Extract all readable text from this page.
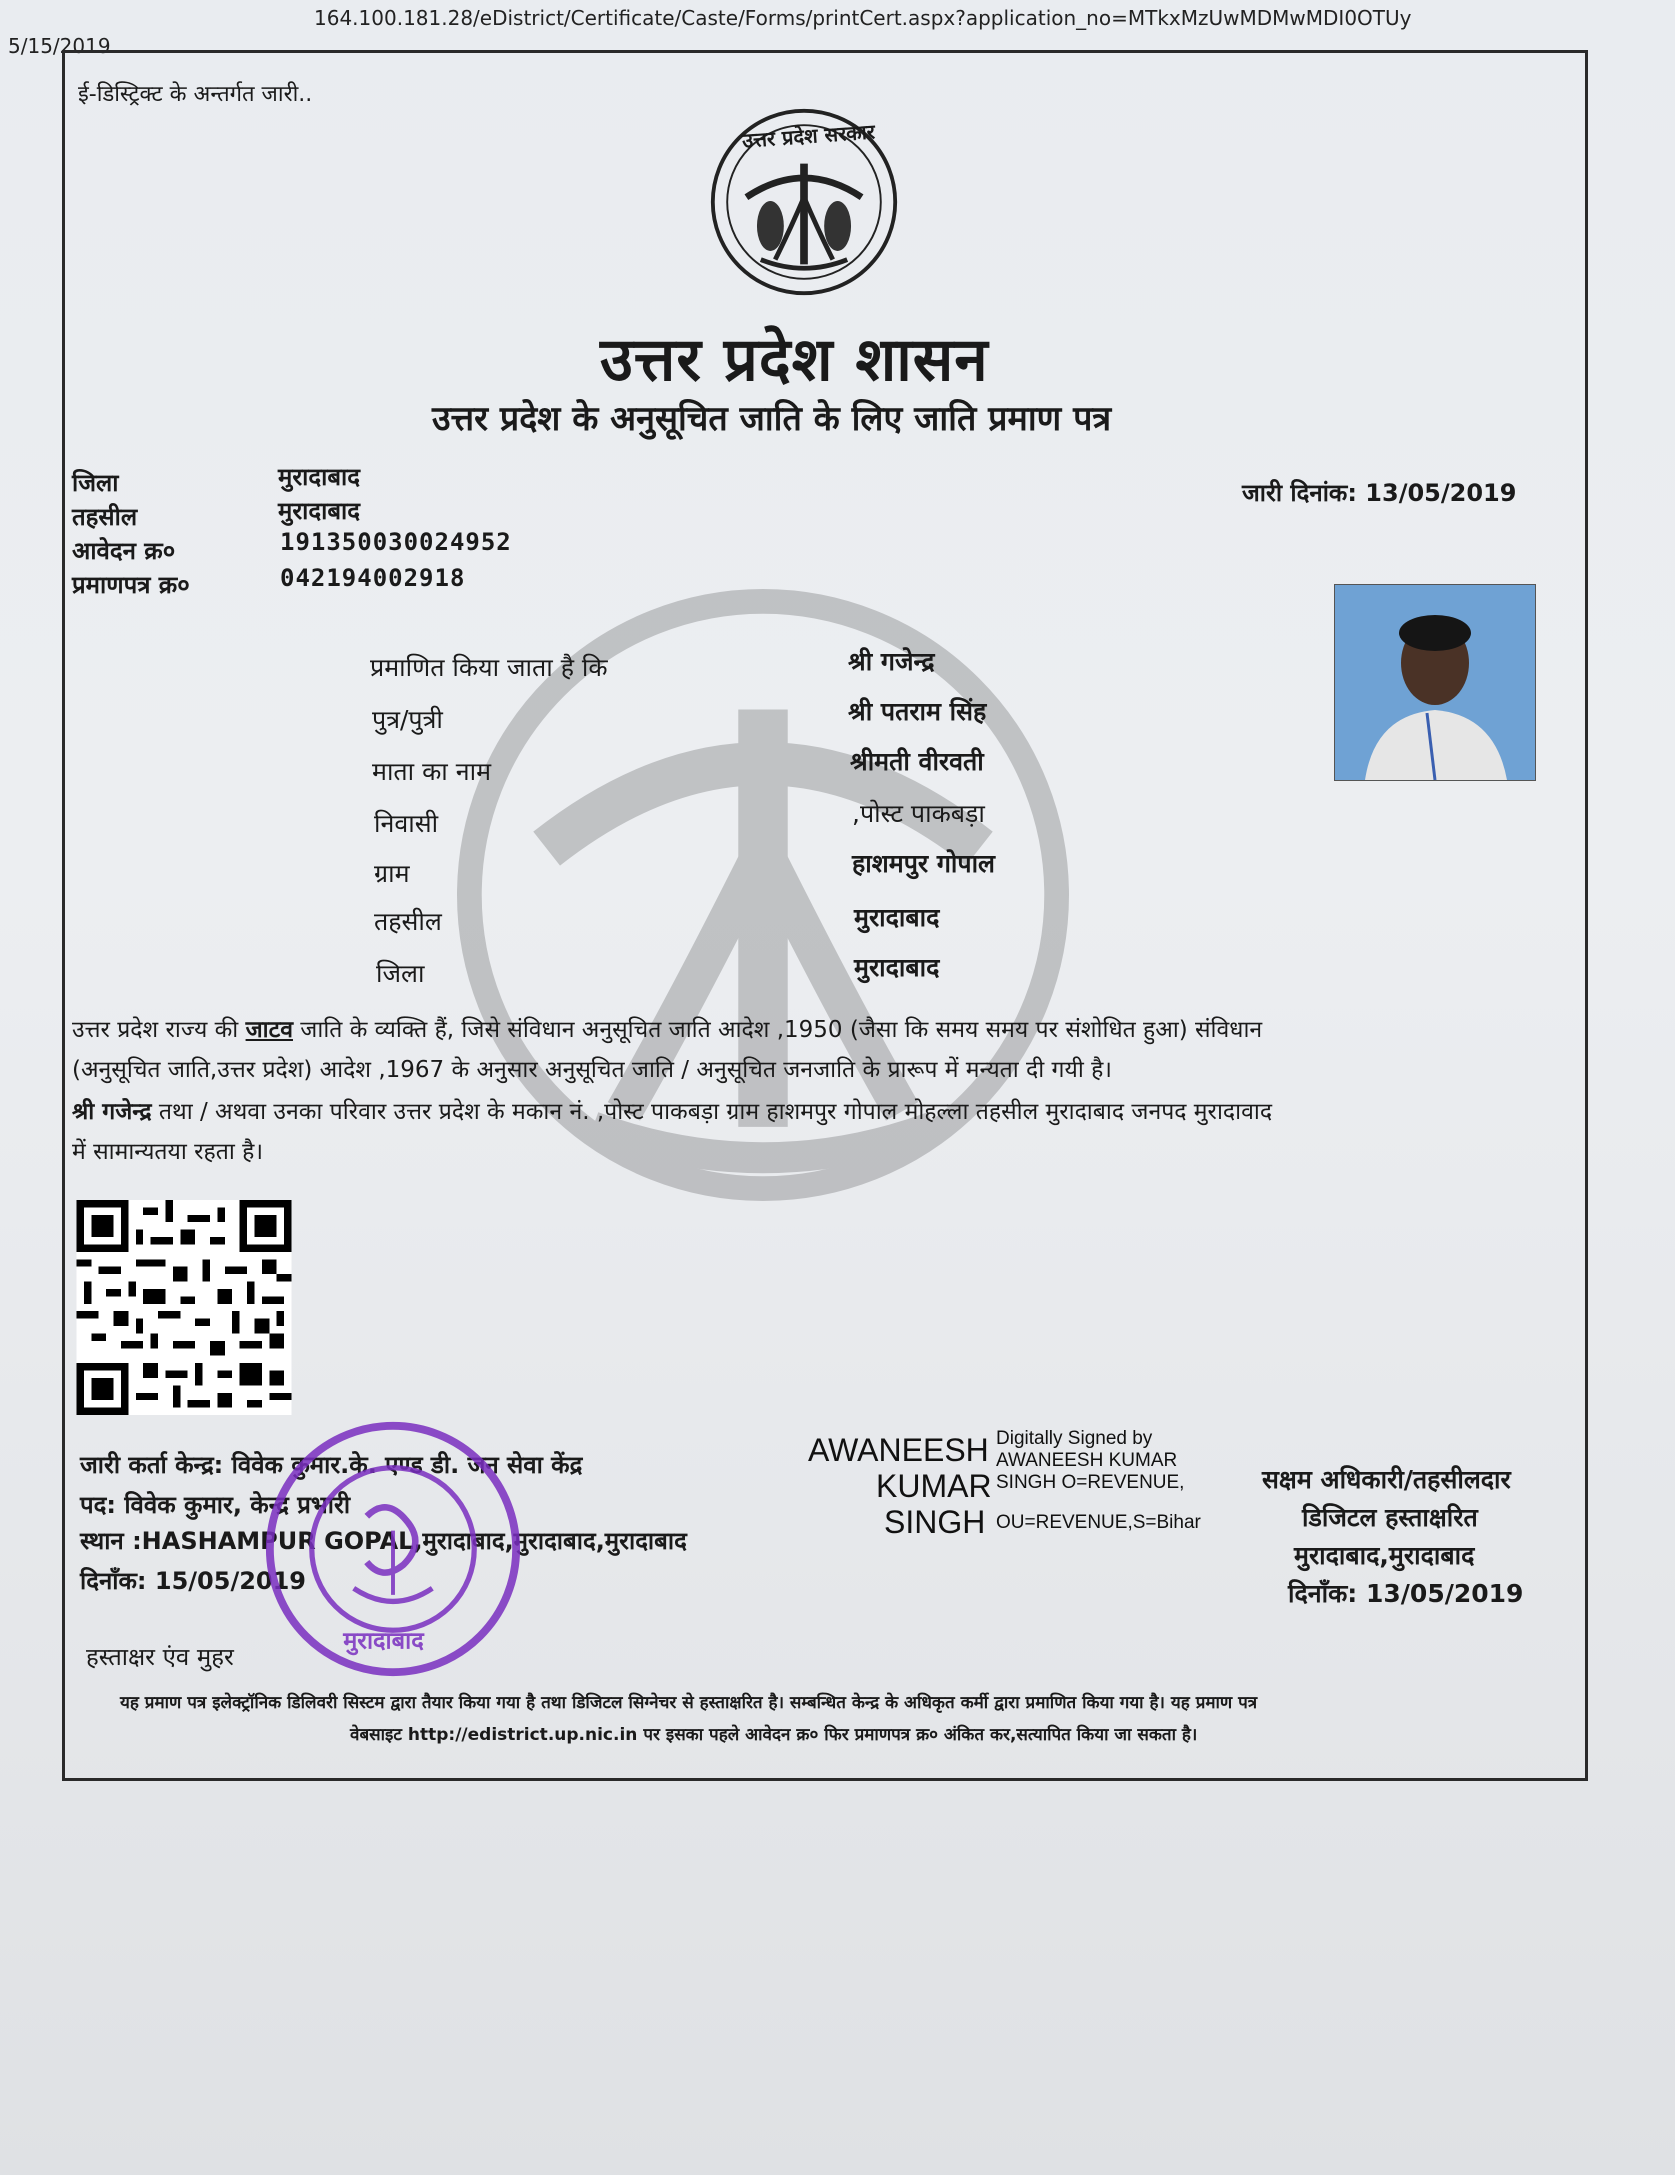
5/15/2019
164.100.181.28/eDistrict/Certificate/Caste/Forms/printCert.aspx?application_no=MTkxMzUwMDMwMDI0OTUy
ई-डिस्ट्रिक्ट के अन्तर्गत जारी..
उत्तर प्रदेश सरकार
उत्तर प्रदेश शासन
उत्तर प्रदेश के अनुसूचित जाति के लिए जाति प्रमाण पत्र
जिला	मुरादाबाद
तहसील	मुरादाबाद
आवेदन क्र०	19135003002495​2
प्रमाणपत्र क्र०	042194002918
जारी दिनांक: 13/05/2019
प्रमाणित किया जाता है कि	श्री गजेन्द्र
पुत्र/पुत्री	श्री पतराम सिंह
माता का नाम	श्रीमती वीरवती
निवासी	,पोस्ट पाकबड़ा
ग्राम	हाशमपुर गोपाल
तहसील	मुरादाबाद
जिला	मुरादाबाद
उत्तर प्रदेश राज्य की जाटव जाति के व्यक्ति हैं, जिसे संविधान अनुसूचित जाति आदेश ,1950 (जैसा कि समय समय पर संशोधित हुआ) संविधान
(अनुसूचित जाति,उत्तर प्रदेश) आदेश ,1967 के अनुसार अनुसूचित जाति / अनुसूचित जनजाति के प्रारूप में मन्यता दी गयी है।
श्री गजेन्द्र तथा / अथवा उनका परिवार उत्तर प्रदेश के मकान नं. ,पोस्ट पाकबड़ा ग्राम हाशमपुर गोपाल मोहल्ला तहसील मुरादाबाद जनपद मुरादावाद
में सामान्यतया रहता है।
जारी कर्ता केन्द्र: विवेक कुमार.के. एण्ड डी. जन सेवा केंद्र
पद: विवेक कुमार, केन्द्र प्रभारी
स्थान :HASHAMPUR GOPAL,मुरादाबाद,मुरादाबाद,मुरादाबाद
दिनाँक: 15/05/2019
हस्ताक्षर एंव मुहर
मुरादाबाद
AWANEESH
KUMAR
SINGH
Digitally Signed by
AWANEESH KUMAR
SINGH O=REVENUE,
OU=REVENUE,S=Bihar
सक्षम अधिकारी/तहसीलदार
डिजिटल हस्ताक्षरित
मुरादाबाद,मुरादाबाद
दिनाँक: 13/05/2019
यह प्रमाण पत्र इलेक्ट्रॉनिक डिलिवरी सिस्टम द्वारा तैयार किया गया है तथा डिजिटल सिग्नेचर से हस्ताक्षरित है। सम्बन्धित केन्द्र के अधिकृत कर्मी द्वारा प्रमाणित किया गया है। यह प्रमाण पत्र
वेबसाइट http://edistrict.up.nic.in पर इसका पहले आवेदन क्र० फिर प्रमाणपत्र क्र० अंकित कर,सत्यापित किया जा सकता है।
